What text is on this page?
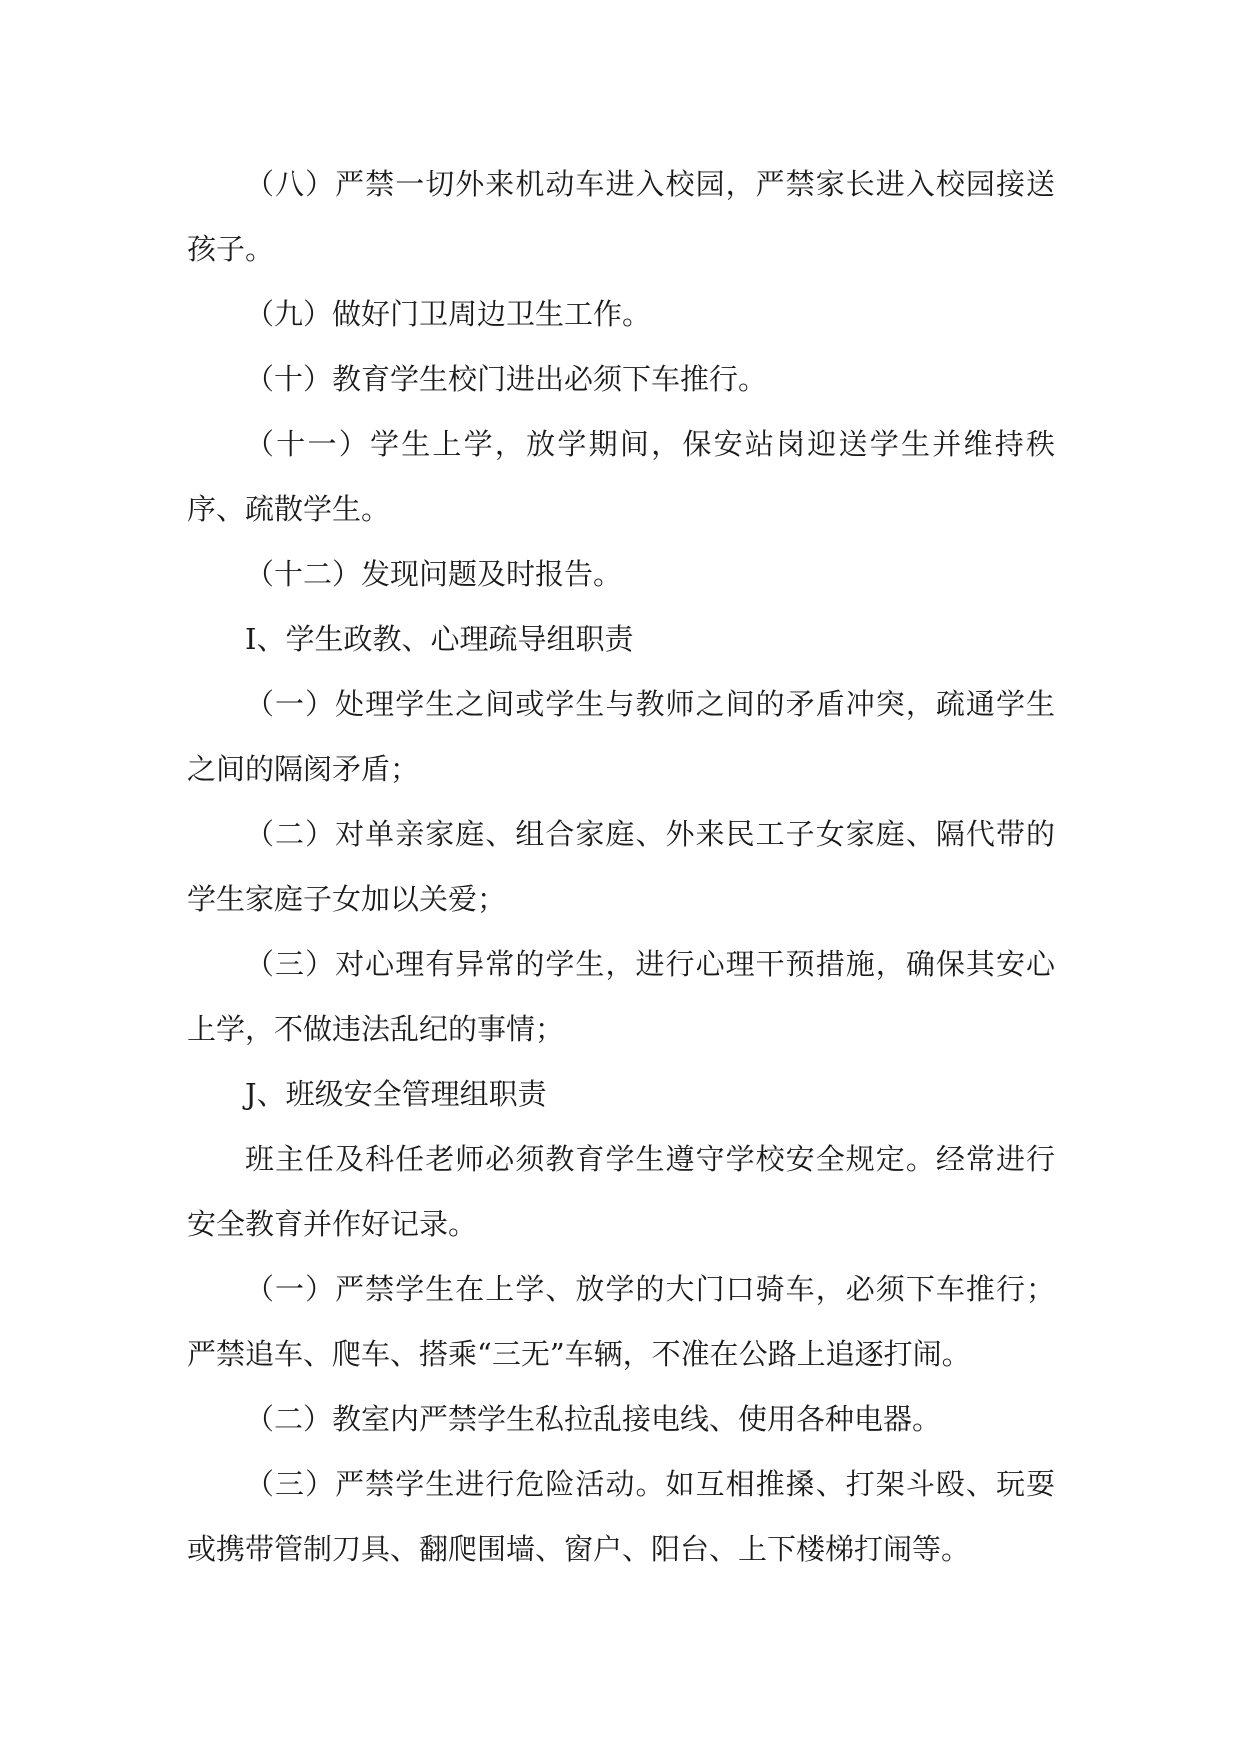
（八）严禁一切外来机动车进入校园，严禁家长进入校园接送孩子。

（九）做好门卫周边卫生工作。

（十）教育学生校门进出必须下车推行。

（十一）学生上学，放学期间，保安站岗迎送学生并维持秩序、疏散学生。

（十二）发现问题及时报告。

I、学生政教、心理疏导组职责

（一）处理学生之间或学生与教师之间的矛盾冲突，疏通学生之间的隔阂矛盾；

（二）对单亲家庭、组合家庭、外来民工子女家庭、隔代带的学生家庭子女加以关爱；

（三）对心理有异常的学生，进行心理干预措施，确保其安心上学，不做违法乱纪的事情；

J、班级安全管理组职责

班主任及科任老师必须教育学生遵守学校安全规定。经常进行安全教育并作好记录。

（一）严禁学生在上学、放学的大门口骑车，必须下车推行；严禁追车、爬车、搭乘“三无”车辆，不准在公路上追逐打闹。

（二）教室内严禁学生私拉乱接电线、使用各种电器。

（三）严禁学生进行危险活动。如互相推搡、打架斗殴、玩耍或携带管制刀具、翻爬围墙、窗户、阳台、上下楼梯打闹等。
